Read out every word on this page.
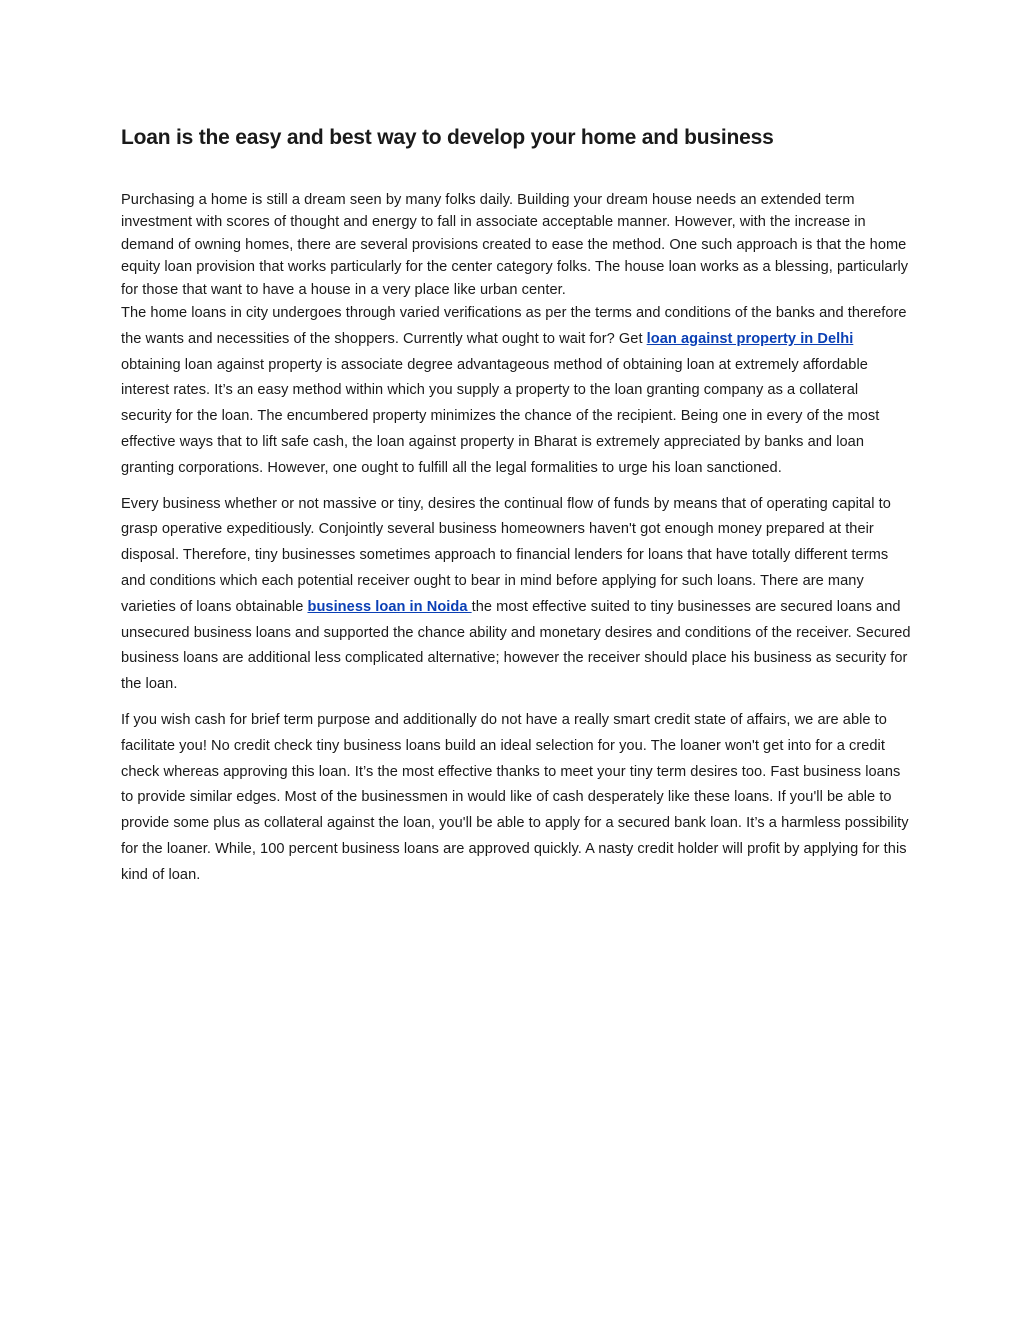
Loan is the easy and best way to develop your home and business

Purchasing a home is still a dream seen by many folks daily. Building your dream house needs an extended term investment with scores of thought and energy to fall in associate acceptable manner. However, with the increase in demand of owning homes, there are several provisions created to ease the method. One such approach is that the home equity loan provision that works particularly for the center category folks. The house loan works as a blessing, particularly for those that want to have a house in a very place like urban center.

The home loans in city undergoes through varied verifications as per the terms and conditions of the banks and therefore the wants and necessities of the shoppers. Currently what ought to wait for? Get loan against property in Delhi obtaining loan against property is associate degree advantageous method of obtaining loan at extremely affordable interest rates. It’s an easy method within which you supply a property to the loan granting company as a collateral security for the loan. The encumbered property minimizes the chance of the recipient. Being one in every of the most effective ways that to lift safe cash, the loan against property in Bharat is extremely appreciated by banks and loan granting corporations. However, one ought to fulfill all the legal formalities to urge his loan sanctioned.

Every business whether or not massive or tiny, desires the continual flow of funds by means that of operating capital to grasp operative expeditiously. Conjointly several business homeowners haven't got enough money prepared at their disposal. Therefore, tiny businesses sometimes approach to financial lenders for loans that have totally different terms and conditions which each potential receiver ought to bear in mind before applying for such loans. There are many varieties of loans obtainable business loan in Noida the most effective suited to tiny businesses are secured loans and unsecured business loans and supported the chance ability and monetary desires and conditions of the receiver. Secured business loans are additional less complicated alternative; however the receiver should place his business as security for the loan.

If you wish cash for brief term purpose and additionally do not have a really smart credit state of affairs, we are able to facilitate you! No credit check tiny business loans build an ideal selection for you. The loaner won't get into for a credit check whereas approving this loan. It’s the most effective thanks to meet your tiny term desires too. Fast business loans to provide similar edges. Most of the businessmen in would like of cash desperately like these loans. If you'll be able to provide some plus as collateral against the loan, you'll be able to apply for a secured bank loan. It’s a harmless possibility for the loaner. While, 100 percent business loans are approved quickly. A nasty credit holder will profit by applying for this kind of loan.
